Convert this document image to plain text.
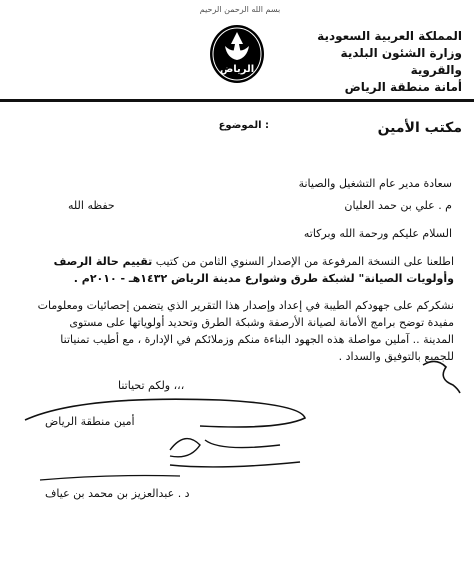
بسم الله الرحمن الرحيم
المملكة العربية السعودية
وزارة الشئون البلدية والقروية
أمانة منطقة الرياض
الرياض
مكتب الأمين
الموضوع :
سعادة مدير عام التشغيل والصيانة
م . علي بن حمد العليان
حفظه الله
السلام عليكم ورحمة الله وبركاته
اطلعنا على النسخة المرفوعة من الإصدار السنوي الثامن من كتيب تقييم حالة الرصف
وأولويات الصيانة" لشبكة طرق وشوارع مدينة الرياض ١٤٣٢هـ - ٢٠١٠م .
نشكركم على جهودكم الطيبة في إعداد وإصدار هذا التقرير الذي يتضمن إحصائيات ومعلومات
مفيدة توضح برامج الأمانة لصيانة الأرصفة وشبكة الطرق وتحديد أولوياتها على مستوى
المدينة .. آملين مواصلة هذه الجهود البناءة منكم وزملائكم في الإدارة ، مع أطيب تمنياتنا
للجميع بالتوفيق والسداد .
ولكم تحياتنا ،،،
أمين منطقة الرياض
د . عبدالعزيز بن محمد بن عياف
